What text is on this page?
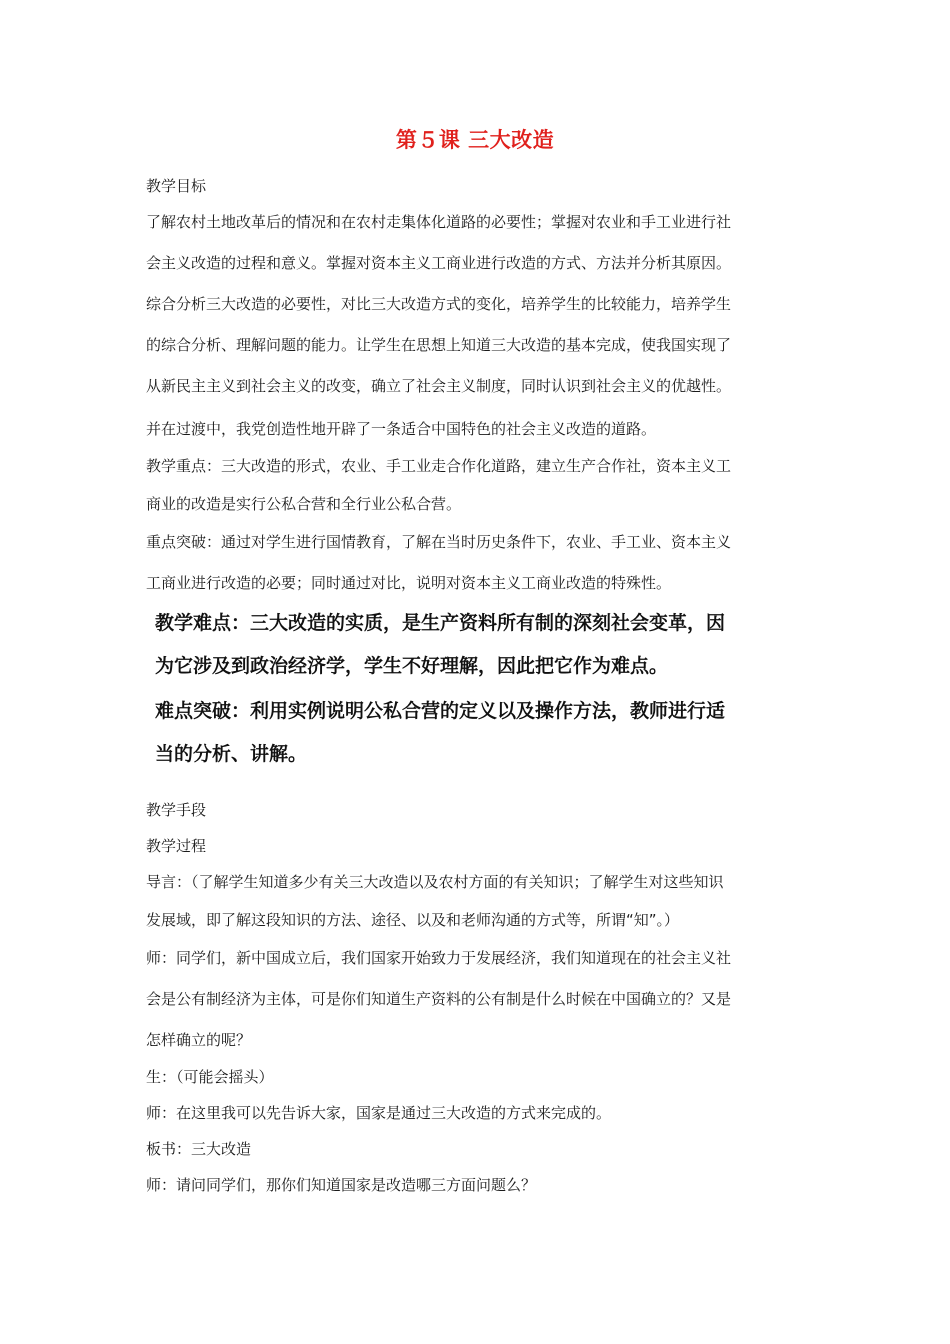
第５课 三大改造
教学目标
了解农村土地改革后的情况和在农村走集体化道路的必要性；掌握对农业和手工业进行社
会主义改造的过程和意义。掌握对资本主义工商业进行改造的方式、方法并分析其原因。
综合分析三大改造的必要性，对比三大改造方式的变化，培养学生的比较能力，培养学生
的综合分析、理解问题的能力。让学生在思想上知道三大改造的基本完成，使我国实现了
从新民主主义到社会主义的改变，确立了社会主义制度，同时认识到社会主义的优越性。
并在过渡中，我党创造性地开辟了一条适合中国特色的社会主义改造的道路。
教学重点：三大改造的形式，农业、手工业走合作化道路，建立生产合作社，资本主义工
商业的改造是实行公私合营和全行业公私合营。
重点突破：通过对学生进行国情教育，了解在当时历史条件下，农业、手工业、资本主义
工商业进行改造的必要；同时通过对比，说明对资本主义工商业改造的特殊性。
教学难点：三大改造的实质，是生产资料所有制的深刻社会变革，因
为它涉及到政治经济学，学生不好理解，因此把它作为难点。
难点突破：利用实例说明公私合营的定义以及操作方法，教师进行适
当的分析、讲解。
教学手段
教学过程
导言：（了解学生知道多少有关三大改造以及农村方面的有关知识；了解学生对这些知识
发展域，即了解这段知识的方法、途径、以及和老师沟通的方式等，所谓“知”。）
师：同学们，新中国成立后，我们国家开始致力于发展经济，我们知道现在的社会主义社
会是公有制经济为主体，可是你们知道生产资料的公有制是什么时候在中国确立的？又是
怎样确立的呢？
生：（可能会摇头）
师：在这里我可以先告诉大家，国家是通过三大改造的方式来完成的。
板书：三大改造
师：请问同学们，那你们知道国家是改造哪三方面问题么？
